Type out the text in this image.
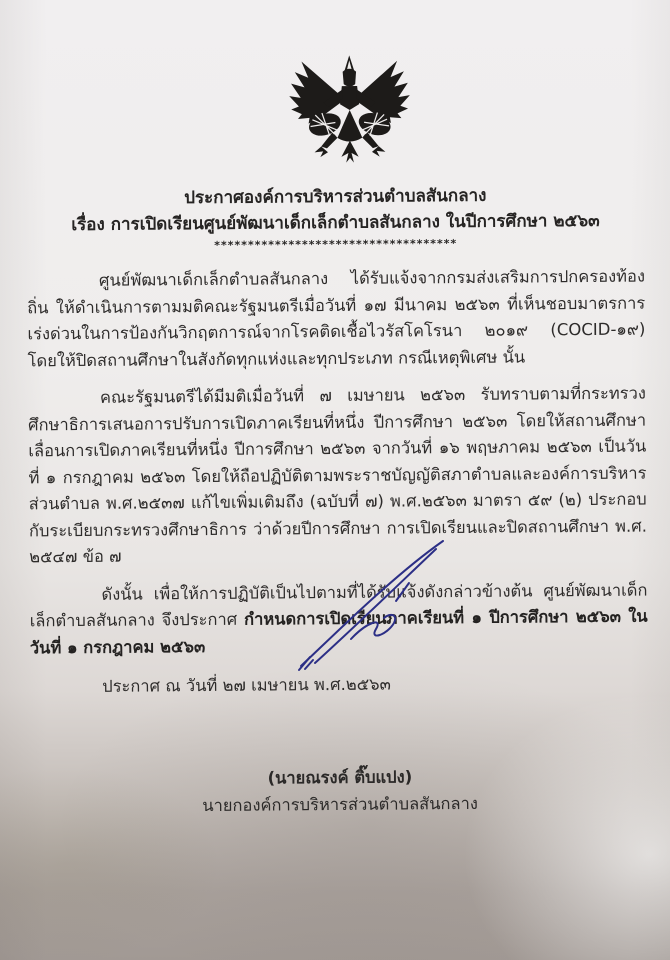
ประกาศองค์การบริหารส่วนตำบลสันกลาง
เรื่อง การเปิดเรียนศูนย์พัฒนาเด็กเล็กตำบลสันกลาง ในปีการศึกษา ๒๕๖๓
************************************

ศูนย์พัฒนาเด็กเล็กตำบลสันกลาง ได้รับแจ้งจากกรมส่งเสริมการปกครองท้องถิ่น ให้ดำเนินการตามมติคณะรัฐมนตรีเมื่อวันที่ ๑๗ มีนาคม ๒๕๖๓ ที่เห็นชอบมาตรการเร่งด่วนในการป้องกันวิกฤตการณ์จากโรคติดเชื้อไวรัสโคโรนา ๒๐๑๙ (COCID-๑๙) โดยให้ปิดสถานศึกษาในสังกัดทุกแห่งและทุกประเภท กรณีเหตุพิเศษ นั้น

คณะรัฐมนตรีได้มีมติเมื่อวันที่ ๗ เมษายน ๒๕๖๓ รับทราบตามที่กระทรวงศึกษาธิการเสนอการปรับการเปิดภาคเรียนที่หนึ่ง ปีการศึกษา ๒๕๖๓ โดยให้สถานศึกษาเลื่อนการเปิดภาคเรียนที่หนึ่ง ปีการศึกษา ๒๕๖๓ จากวันที่ ๑๖ พฤษภาคม ๒๕๖๓ เป็นวันที่ ๑ กรกฎาคม ๒๕๖๓ โดยให้ถือปฏิบัติตามพระราชบัญญัติสภาตำบลและองค์การบริหารส่วนตำบล พ.ศ.๒๕๓๗ แก้ไขเพิ่มเติมถึง (ฉบับที่ ๗) พ.ศ.๒๕๖๓ มาตรา ๕๙ (๒) ประกอบกับระเบียบกระทรวงศึกษาธิการ ว่าด้วยปีการศึกษา การเปิดเรียนและปิดสถานศึกษา พ.ศ. ๒๕๔๗ ข้อ ๗

ดังนั้น เพื่อให้การปฏิบัติเป็นไปตามที่ได้รับแจ้งดังกล่าวข้างต้น ศูนย์พัฒนาเด็กเล็กตำบลสันกลาง จึงประกาศ กำหนดการเปิดเรียนภาคเรียนที่ ๑ ปีการศึกษา ๒๕๖๓ ในวันที่ ๑ กรกฎาคม ๒๕๖๓

ประกาศ ณ วันที่ ๒๗ เมษายน พ.ศ.๒๕๖๓
(นายณรงค์ ติ๊บแปง)
นายกองค์การบริหารส่วนตำบลสันกลาง
